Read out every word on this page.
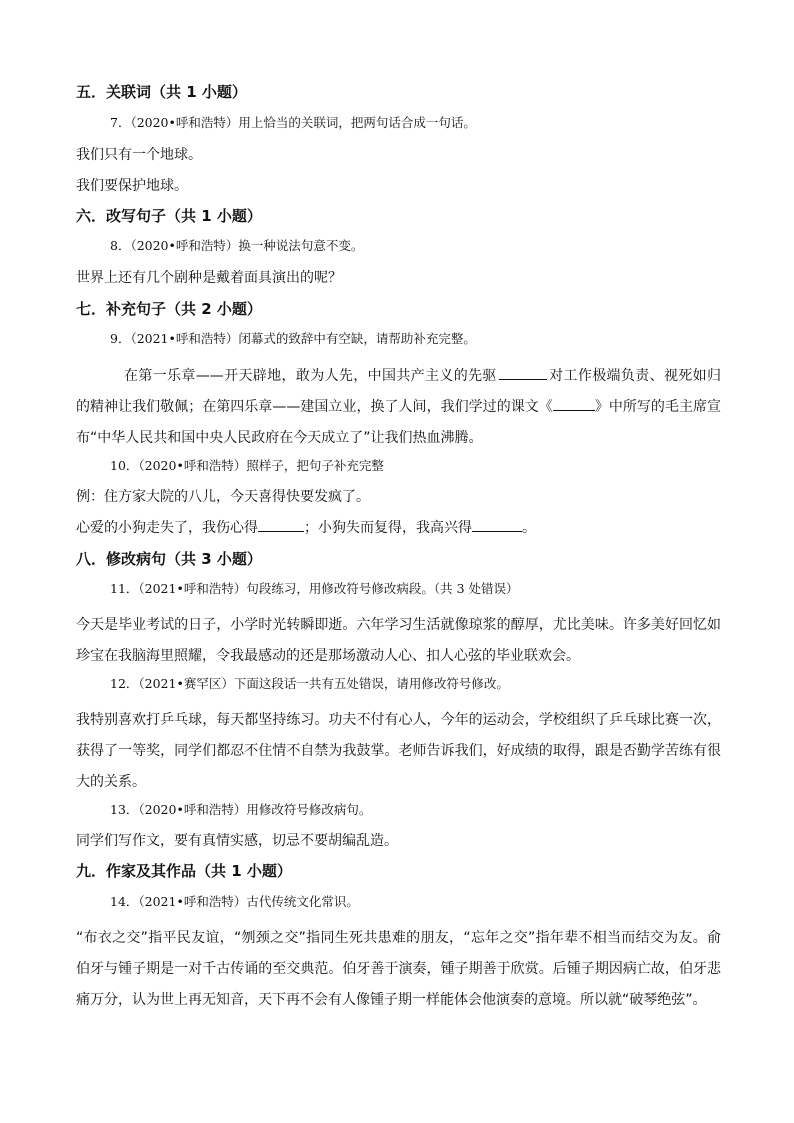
五．关联词（共 1 小题）
7．（2020•呼和浩特）用上恰当的关联词，把两句话合成一句话。
我们只有一个地球。
我们要保护地球。
六．改写句子（共 1 小题）
8．（2020•呼和浩特）换一种说法句意不变。
世界上还有几个剧种是戴着面具演出的呢？
七．补充句子（共 2 小题）
9．（2021•呼和浩特）闭幕式的致辞中有空缺，请帮助补充完整。
在第一乐章——开天辟地，敢为人先，中国共产主义的先驱	对工作极端负责、视死如归的精神让我们敬佩；在第四乐章——建国立业，换了人间，我们学过的课文《	》中所写的毛主席宣布“中华人民共和国中央人民政府在今天成立了”让我们热血沸腾。
10．（2020•呼和浩特）照样子，把句子补充完整
例：住方家大院的八儿，今天喜得快要发疯了。
心爱的小狗走失了，我伤心得	；小狗失而复得，我高兴得	。
八．修改病句（共 3 小题）
11．（2021•呼和浩特）句段练习，用修改符号修改病段。（共 3 处错误）
今天是毕业考试的日子，小学时光转瞬即逝。六年学习生活就像琼浆的醇厚，尤比美味。许多美好回忆如珍宝在我脑海里照耀，令我最感动的还是那场激动人心、扣人心弦的毕业联欢会。
12．（2021•赛罕区）下面这段话一共有五处错误，请用修改符号修改。
我特别喜欢打乒乓球，每天都坚持练习。功夫不付有心人，今年的运动会，学校组织了乒乓球比赛一次，获得了一等奖，同学们都忍不住情不自禁为我鼓掌。老师告诉我们，好成绩的取得，跟是否勤学苦练有很大的关系。
13．（2020•呼和浩特）用修改符号修改病句。
同学们写作文，要有真情实感，切忌不要胡编乱造。
九．作家及其作品（共 1 小题）
14．（2021•呼和浩特）古代传统文化常识。
“布衣之交”指平民友谊，“刎颈之交”指同生死共患难的朋友，“忘年之交”指年辈不相当而结交为友。俞伯牙与锺子期是一对千古传诵的至交典范。伯牙善于演奏，锺子期善于欣赏。后锺子期因病亡故，伯牙悲痛万分，认为世上再无知音，天下再不会有人像锺子期一样能体会他演奏的意境。所以就“破琴绝弦”。
